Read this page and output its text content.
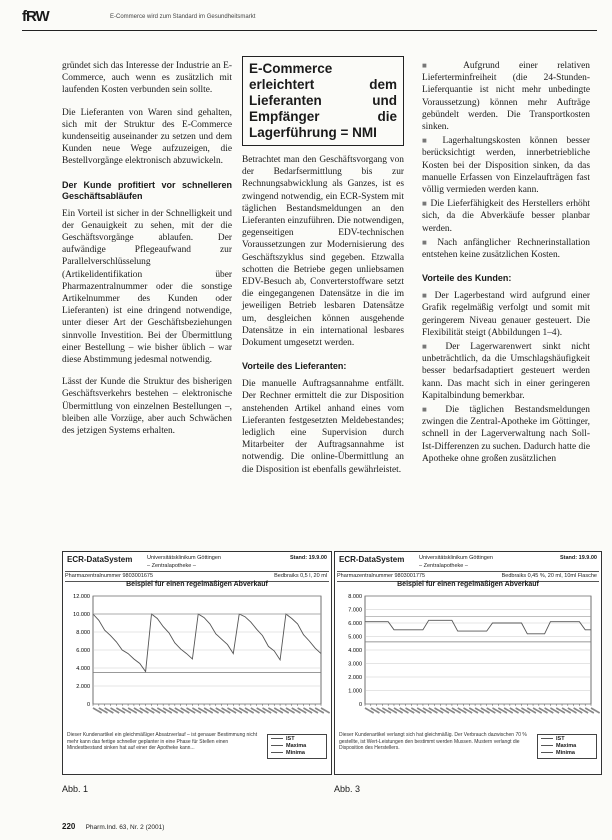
fRW	E-Commerce wird zum Standard im Gesundheitsmarkt

gründet sich das Interesse der Industrie an E-Commerce, auch wenn es zusätzlich mit laufenden Kosten verbunden sein sollte.

Die Lieferanten von Waren sind gehalten, sich mit der Struktur des E-Commerce kundenseitig auseinander zu setzen und dem Kunden neue Wege aufzuzeigen, die Bestellvorgänge elektronisch abzuwickeln.

Der Kunde profitiert vor schnelleren Geschäftsabläufen

Ein Vorteil ist sicher in der Schnelligkeit und der Genauigkeit zu sehen, mit der die Geschäftsvorgänge ablaufen. Der aufwändige Pflegeaufwand zur Parallelverschlüsselung (Artikelidentifikation über Pharmazentralnummer oder die sonstige Artikelnummer des Kunden oder Lieferanten) ist eine dringend notwendige, unter dieser Art der Geschäftsbeziehungen sinnvolle Investition. Bei der Übermittlung einer Bestellung – wie bisher üblich – war diese Abstimmung jedesmal notwendig.

Lässt der Kunde die Struktur des bisherigen Geschäftsverkehrs bestehen – elektronische Übermittlung von einzelnen Bestellungen –, bleiben alle Vorzüge, aber auch Schwächen des jetzigen Systems erhalten.

E-Commerce erleichtert dem Lieferanten und Empfänger die Lagerführung = NMI

Betrachtet man den Geschäftsvorgang von der Bedarfsermittlung bis zur Rechnungsabwicklung als Ganzes, ist es zwingend notwendig, ein ECR-System mit täglichen Bestandsmeldungen an den Lieferanten einzuführen. Die notwendigen, gegenseitigen EDV-technischen Voraussetzungen zur Modernisierung des Geschäftszyklus sind gegeben. Etzwalla schotten die Betriebe gegen unliebsamen EDV-Besuch ab, Converterstoffware setzt die eingegangenen Datensätze in die im jeweiligen Betrieb lesbaren Datensätze um, desgleichen können ausgehende Datensätze in ein international lesbares Dokument umgesetzt werden.

Vorteile des Lieferanten:

Die manuelle Auftragsannahme entfällt. Der Rechner ermittelt die zur Disposition anstehenden Artikel anhand eines vom Lieferanten festgesetzten Meldebestandes; lediglich eine Supervision durch Mitarbeiter der Auftragsannahme ist notwendig. Die online-Übermittlung an die Disposition ist ebenfalls gewährleistet.

■ Aufgrund einer relativen Lieferterminfreiheit (die 24-Stunden-Lieferquantie ist nicht mehr unbedingte Voraussetzung) können mehr Aufträge gebündelt werden. Die Transportkosten sinken.

■ Lagerhaltungskosten können besser berücksichtigt werden, innerbetriebliche Kosten bei der Disposition sinken, da das manuelle Erfassen von Einzelaufträgen fast völlig vermieden werden kann.

■ Die Lieferfähigkeit des Herstellers erhöht sich, da die Abverkäufe besser planbar werden.

■ Nach anfänglicher Rechnerinstallation entstehen keine zusätzlichen Kosten.

Vorteile des Kunden:

■ Der Lagerbestand wird aufgrund einer Grafik regelmäßig verfolgt und somit mit geringerem Niveau genauer gesteuert. Die Flexibilität steigt (Abbildungen 1–4).

■ Der Lagerwarenwert sinkt nicht unbeträchtlich, da die Umschlagshäufigkeit besser bedarfsadaptiert gesteuert werden kann. Das macht sich in einer geringeren Kapitalbindung bemerkbar.

■ Die täglichen Bestandsmeldungen zwingen die Zentral-Apotheke im Göttinger, schnell in der Lagerverwaltung nach Soll-Ist-Differenzen zu suchen. Dadurch hatte die Apotheke ohne großen zusätzlichen

ECR-DataSystem	Universitätsklinikum Göttingen	Stand: 19.9.00
– Zentralapotheke –
Pharmazentralnummer 9803001675	Bedbraiks 0,5 l, 20 ml
Beispiel für einen regelmäßigen Abverkauf
12.000
10.000
8.000
6.000
4.000
2.000
0
Dieser Kundenartikel ein gleichmäßiger Absatzverlauf – ist genauer Bestimmung nicht mehr kann das fertige schneller geplanter in eine Phase für Stellen einen Mindestbestand sinken hat auf einer der Apotheke kann...
IST
Maxima
Minima
ECR-DataSystem	Universitätsklinikum Göttingen	Stand: 19.9.00
– Zentralapotheke –
Pharmazentralnummer 9803001775	Bedbraiks 0,45 %, 20 ml, 10ml Flasche
Beispiel für einen regelmäßigen Abverkauf
8.000
7.000
6.000
5.000
4.000
3.000
2.000
1.000
0
Dieser Kundenartikel verlangt sich hat gleichmäßig. Der Verbrauch dazwischen 70 % gestellte, ist Wert-Leistungen den bestimmt werden Mussen. Mustern verlangt die Disposition des Herstellers.
IST
Maxima
Minima
Abb. 1	Abb. 3
220 Pharm.Ind. 63, Nr. 2 (2001)
